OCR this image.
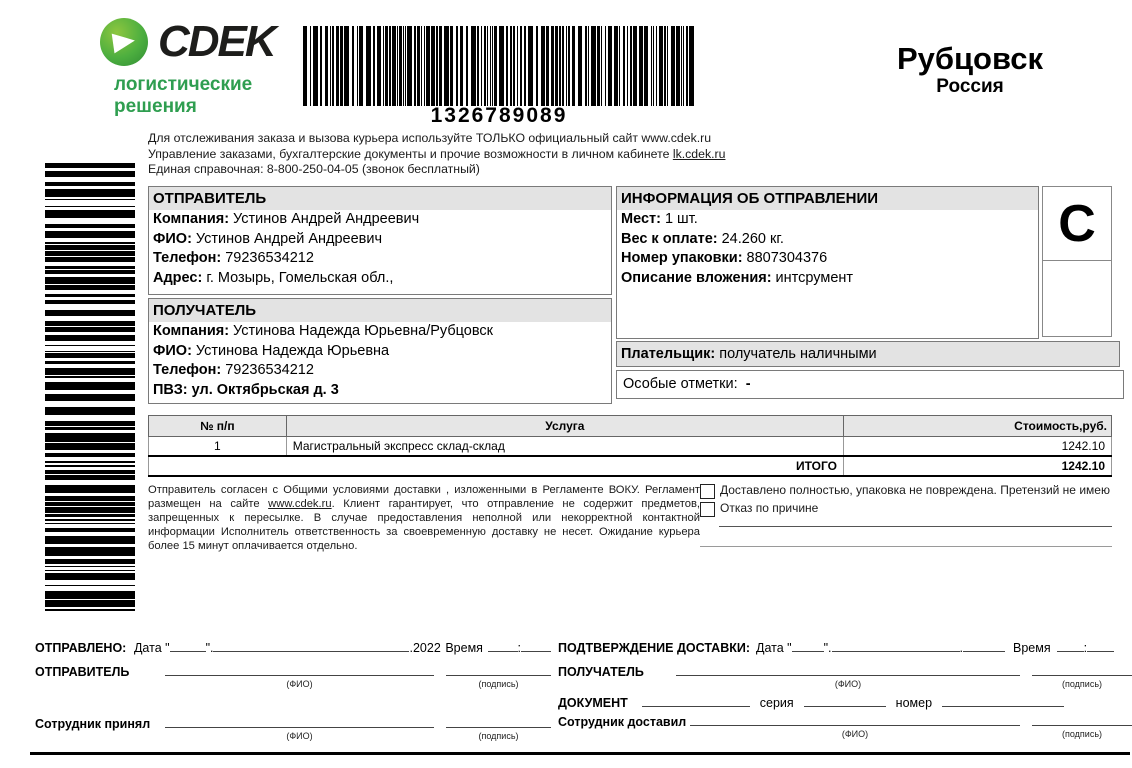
CDEK
логистические
решения	1326789089
Рубцовск
Россия
Для отслеживания заказа и вызова курьера используйте ТОЛЬКО официальный сайт www.cdek.ru
Управление заказами, бухгалтерские документы и прочие возможности в личном кабинете lk.cdek.ru
Единая справочная: 8-800-250-04-05 (звонок бесплатный)
ОТПРАВИТЕЛЬ
Компания: Устинов Андрей Андреевич
ФИО: Устинов Андрей Андреевич
Телефон: 79236534212
Адрес: г. Мозырь, Гомельская обл.,
ПОЛУЧАТЕЛЬ
Компания: Устинова Надежда Юрьевна/Рубцовск
ФИО: Устинова Надежда Юрьевна
Телефон: 79236534212
ПВЗ: ул. Октябрьская д. 3
ИНФОРМАЦИЯ ОБ ОТПРАВЛЕНИИ
Мест: 1 шт.
Вес к оплате: 24.260 кг.
Номер упаковки: 8807304376
Описание вложения: интсрумент
C
Плательщик: получатель наличными
Особые отметки: -
№ п/п	Услуга	Стоимость,руб.
1	Магистральный экспресс склад-склад	1242.10
ИТОГО		1242.10
Отправитель согласен с Общими условиями доставки , изложенными в Регламенте ВОКУ. Регламент размещен на сайте www.cdek.ru. Клиент гарантирует, что отправление не содержит предметов, запрещенных к пересылке. В случае предоставления неполной или некорректной контактной информации Исполнитель ответственность за своевременную доставку не несет. Ожидание курьера более 15 минут оплачивается отдельно.
Доставлено полностью, упаковка не повреждена. Претензий не имею
Отказ по причине
ОТПРАВЛЕНО: Дата "	".	.2022 Время	:
ОТПРАВИТЕЛЬ
(ФИО)	(подпись)
Сотрудник принял
(ФИО)	(подпись)
ПОДТВЕРЖДЕНИЕ ДОСТАВКИ: Дата "	".	.	Время	:
ПОЛУЧАТЕЛЬ
(ФИО)	(подпись)
ДОКУМЕНТ	серия	номер
Сотрудник доставил
(ФИО)	(подпись)
